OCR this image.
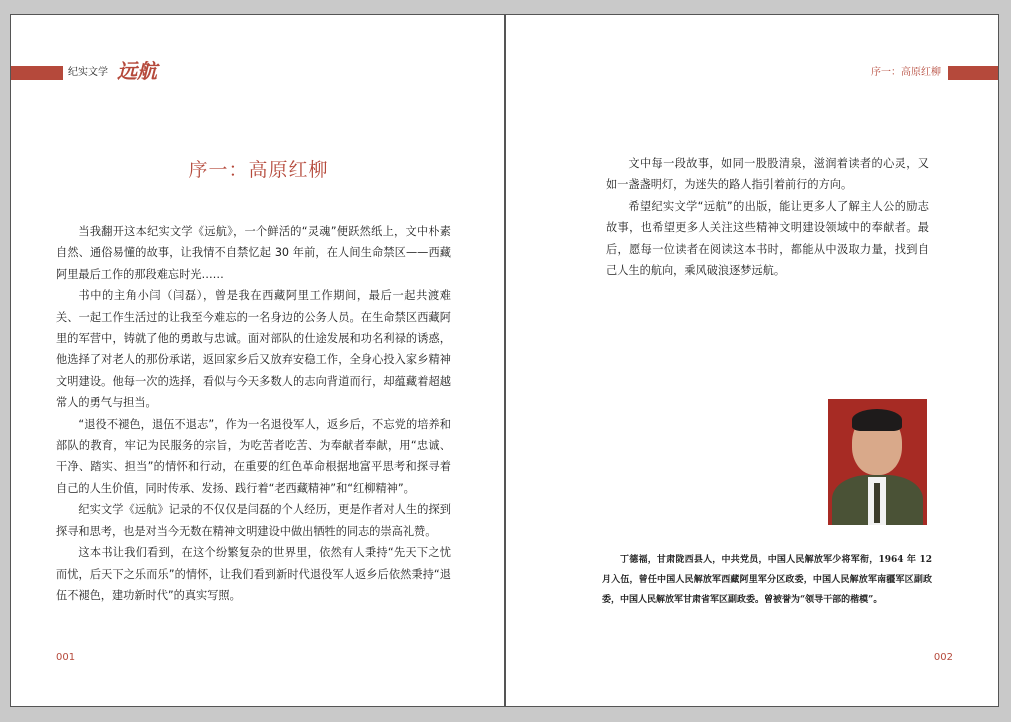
纪实文学 远航
序一：高原红柳

当我翻开这本纪实文学《远航》，一个鲜活的“灵魂”便跃然纸上，文中朴素自然、通俗易懂的故事，让我情不自禁忆起 30 年前，在人间生命禁区——西藏阿里最后工作的那段难忘时光……

书中的主角小闫（闫磊），曾是我在西藏阿里工作期间，最后一起共渡难关、一起工作生活过的让我至今难忘的一名身边的公务人员。在生命禁区西藏阿里的军营中，铸就了他的勇敢与忠诚。面对部队的仕途发展和功名利禄的诱惑，他选择了对老人的那份承诺，返回家乡后又放弃安稳工作，全身心投入家乡精神文明建设。他每一次的选择，看似与今天多数人的志向背道而行，却蕴藏着超越常人的勇气与担当。

“退役不褪色，退伍不退志”，作为一名退役军人，返乡后，不忘党的培养和部队的教育，牢记为民服务的宗旨，为吃苦者吃苦、为奉献者奉献，用“忠诚、干净、踏实、担当”的情怀和行动，在重要的红色革命根据地富平思考和探寻着自己的人生价值，同时传承、发扬、践行着“老西藏精神”和“红柳精神”。

纪实文学《远航》记录的不仅仅是闫磊的个人经历，更是作者对人生的探到探寻和思考，也是对当今无数在精神文明建设中做出牺牲的同志的崇高礼赞。

这本书让我们看到，在这个纷繁复杂的世界里，依然有人秉持“先天下之忧而忧，后天下之乐而乐”的情怀，让我们看到新时代退役军人返乡后依然秉持“退伍不褪色，建功新时代”的真实写照。

001
序一：高原红柳

文中每一段故事，如同一股股清泉，滋润着读者的心灵，又如一盏盏明灯，为迷失的路人指引着前行的方向。

希望纪实文学“远航”的出版，能让更多人了解主人公的励志故事，也希望更多人关注这些精神文明建设领域中的奉献者。最后，愿每一位读者在阅读这本书时，都能从中汲取力量，找到自己人生的航向，乘风破浪逐梦远航。

丁德福，甘肃陇西县人，中共党员，中国人民解放军少将军衔，1964 年 12 月入伍，曾任中国人民解放军西藏阿里军分区政委，中国人民解放军南疆军区副政委，中国人民解放军甘肃省军区副政委。曾被誉为“领导干部的楷模”。
002
